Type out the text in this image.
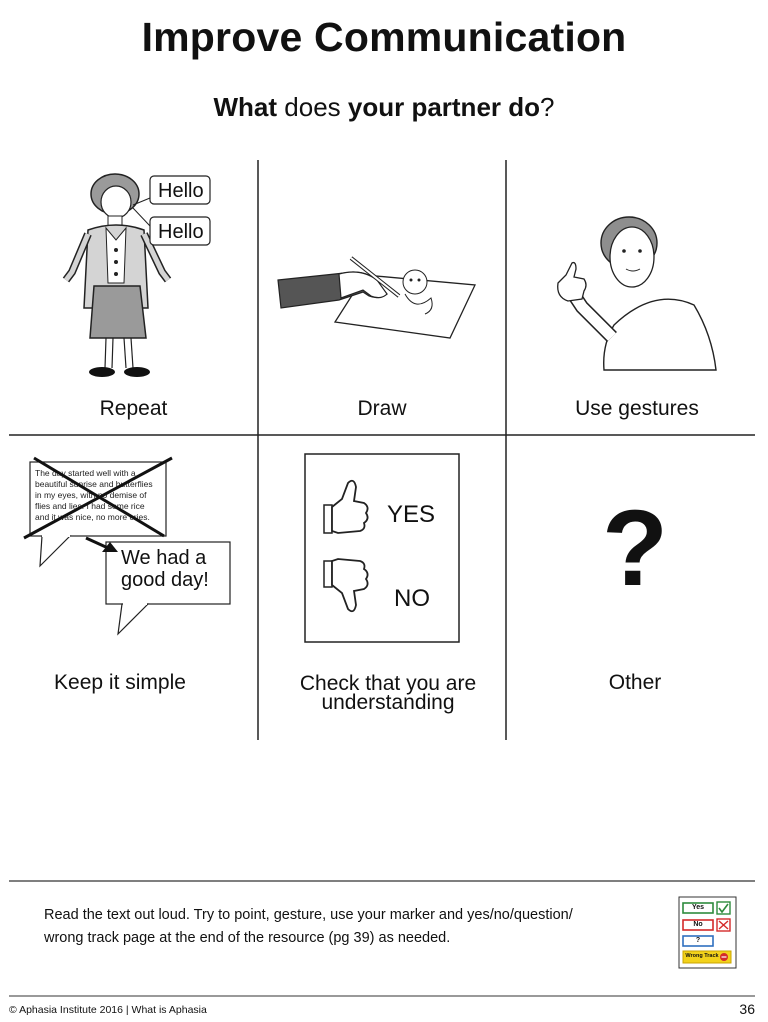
Improve Communication
What does your partner do?
Hello
Hello
Repeat	Draw	Use gestures
The day started well with a beautiful sunrise and butterflies in my eyes, with no demise of flies and lies. I had some rice and it was nice, no more cries.
We had a
good day!
Keep it simple
YES
NO
Check that you are
understanding
?
Other
Read the text out loud. Try to point, gesture, use your marker and yes/no/question/
wrong track page at the end of the resource (pg 39) as needed.
Yes
No
?
Wrong Track
© Aphasia Institute 2016 | What is Aphasia	36
